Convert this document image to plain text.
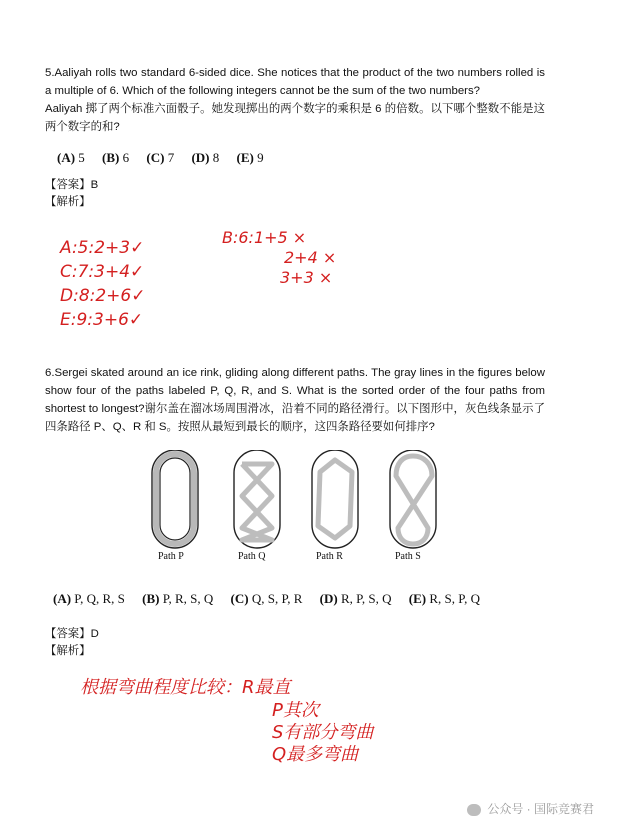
5.Aaliyah rolls two standard 6-sided dice. She notices that the product of the two numbers rolled is a multiple of 6. Which of the following integers cannot be the sum of the two numbers?
Aaliyah 掷了两个标准六面骰子。她发现掷出的两个数字的乘积是 6 的倍数。以下哪个整数不能是这两个数字的和?
(A) 5 (B) 6 (C) 7 (D) 8 (E) 9
【答案】B
【解析】
A:5:2+3✓
C:7:3+4✓
D:8:2+6✓
E:9:3+6✓
B:6:1+5 ×
2+4 ×
3+3 ×
6.Sergei skated around an ice rink, gliding along different paths. The gray lines in the figures below show four of the paths labeled P, Q, R, and S. What is the sorted order of the four paths from shortest to longest?谢尔盖在溜冰场周围滑冰，沿着不同的路径滑行。以下图形中，灰色线条显示了四条路径 P、Q、R 和 S。按照从最短到最长的顺序，这四条路径要如何排序?
Path P	Path Q	Path R	Path S
(A) P, Q, R, S (B) P, R, S, Q (C) Q, S, P, R (D) R, P, S, Q (E) R, S, P, Q
【答案】D
【解析】
根据弯曲程度比较：R最直
P其次
S有部分弯曲
Q最多弯曲
公众号 · 国际竞赛君
